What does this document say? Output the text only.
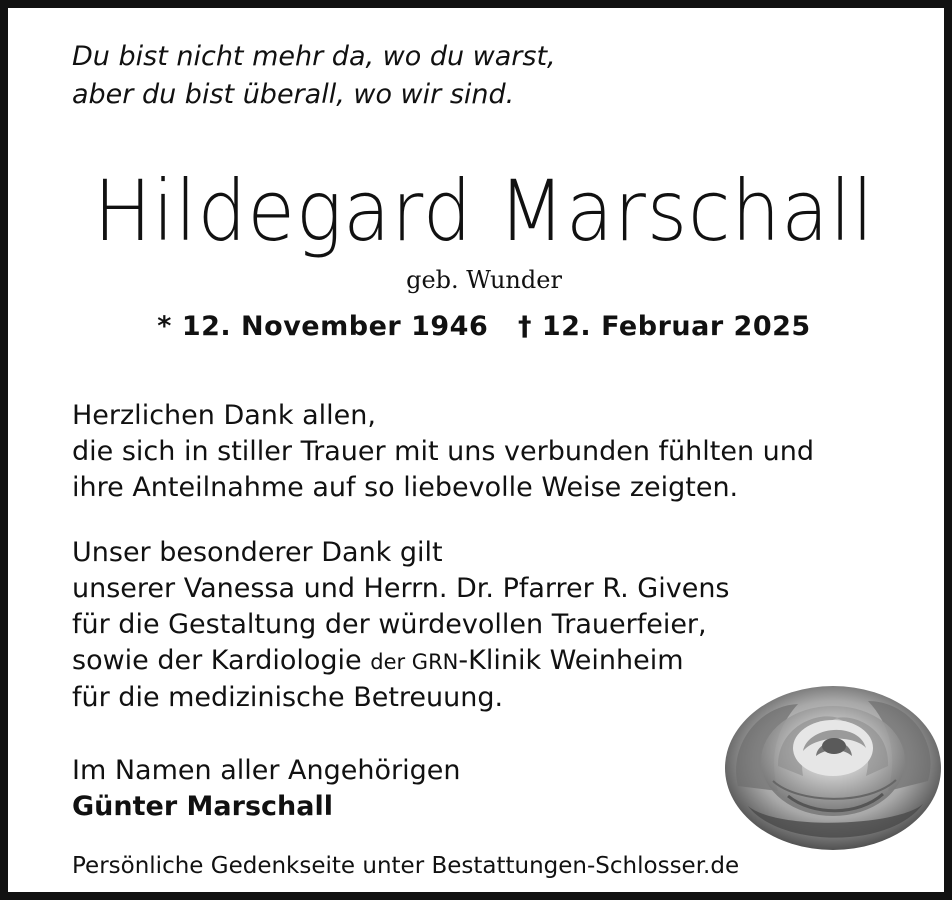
Du bist nicht mehr da, wo du warst,
aber du bist überall, wo wir sind.
Hildegard Marschall
geb. Wunder
* 12. November 1946 † 12. Februar 2025
Herzlichen Dank allen,
die sich in stiller Trauer mit uns verbunden fühlten und
ihre Anteilnahme auf so liebevolle Weise zeigten.
Unser besonderer Dank gilt
unserer Vanessa und Herrn. Dr. Pfarrer R. Givens
für die Gestaltung der würdevollen Trauerfeier,
sowie der Kardiologie der GRN-Klinik Weinheim
für die medizinische Betreuung.
Im Namen aller Angehörigen
Günter Marschall
Persönliche Gedenkseite unter Bestattungen-Schlosser.de
